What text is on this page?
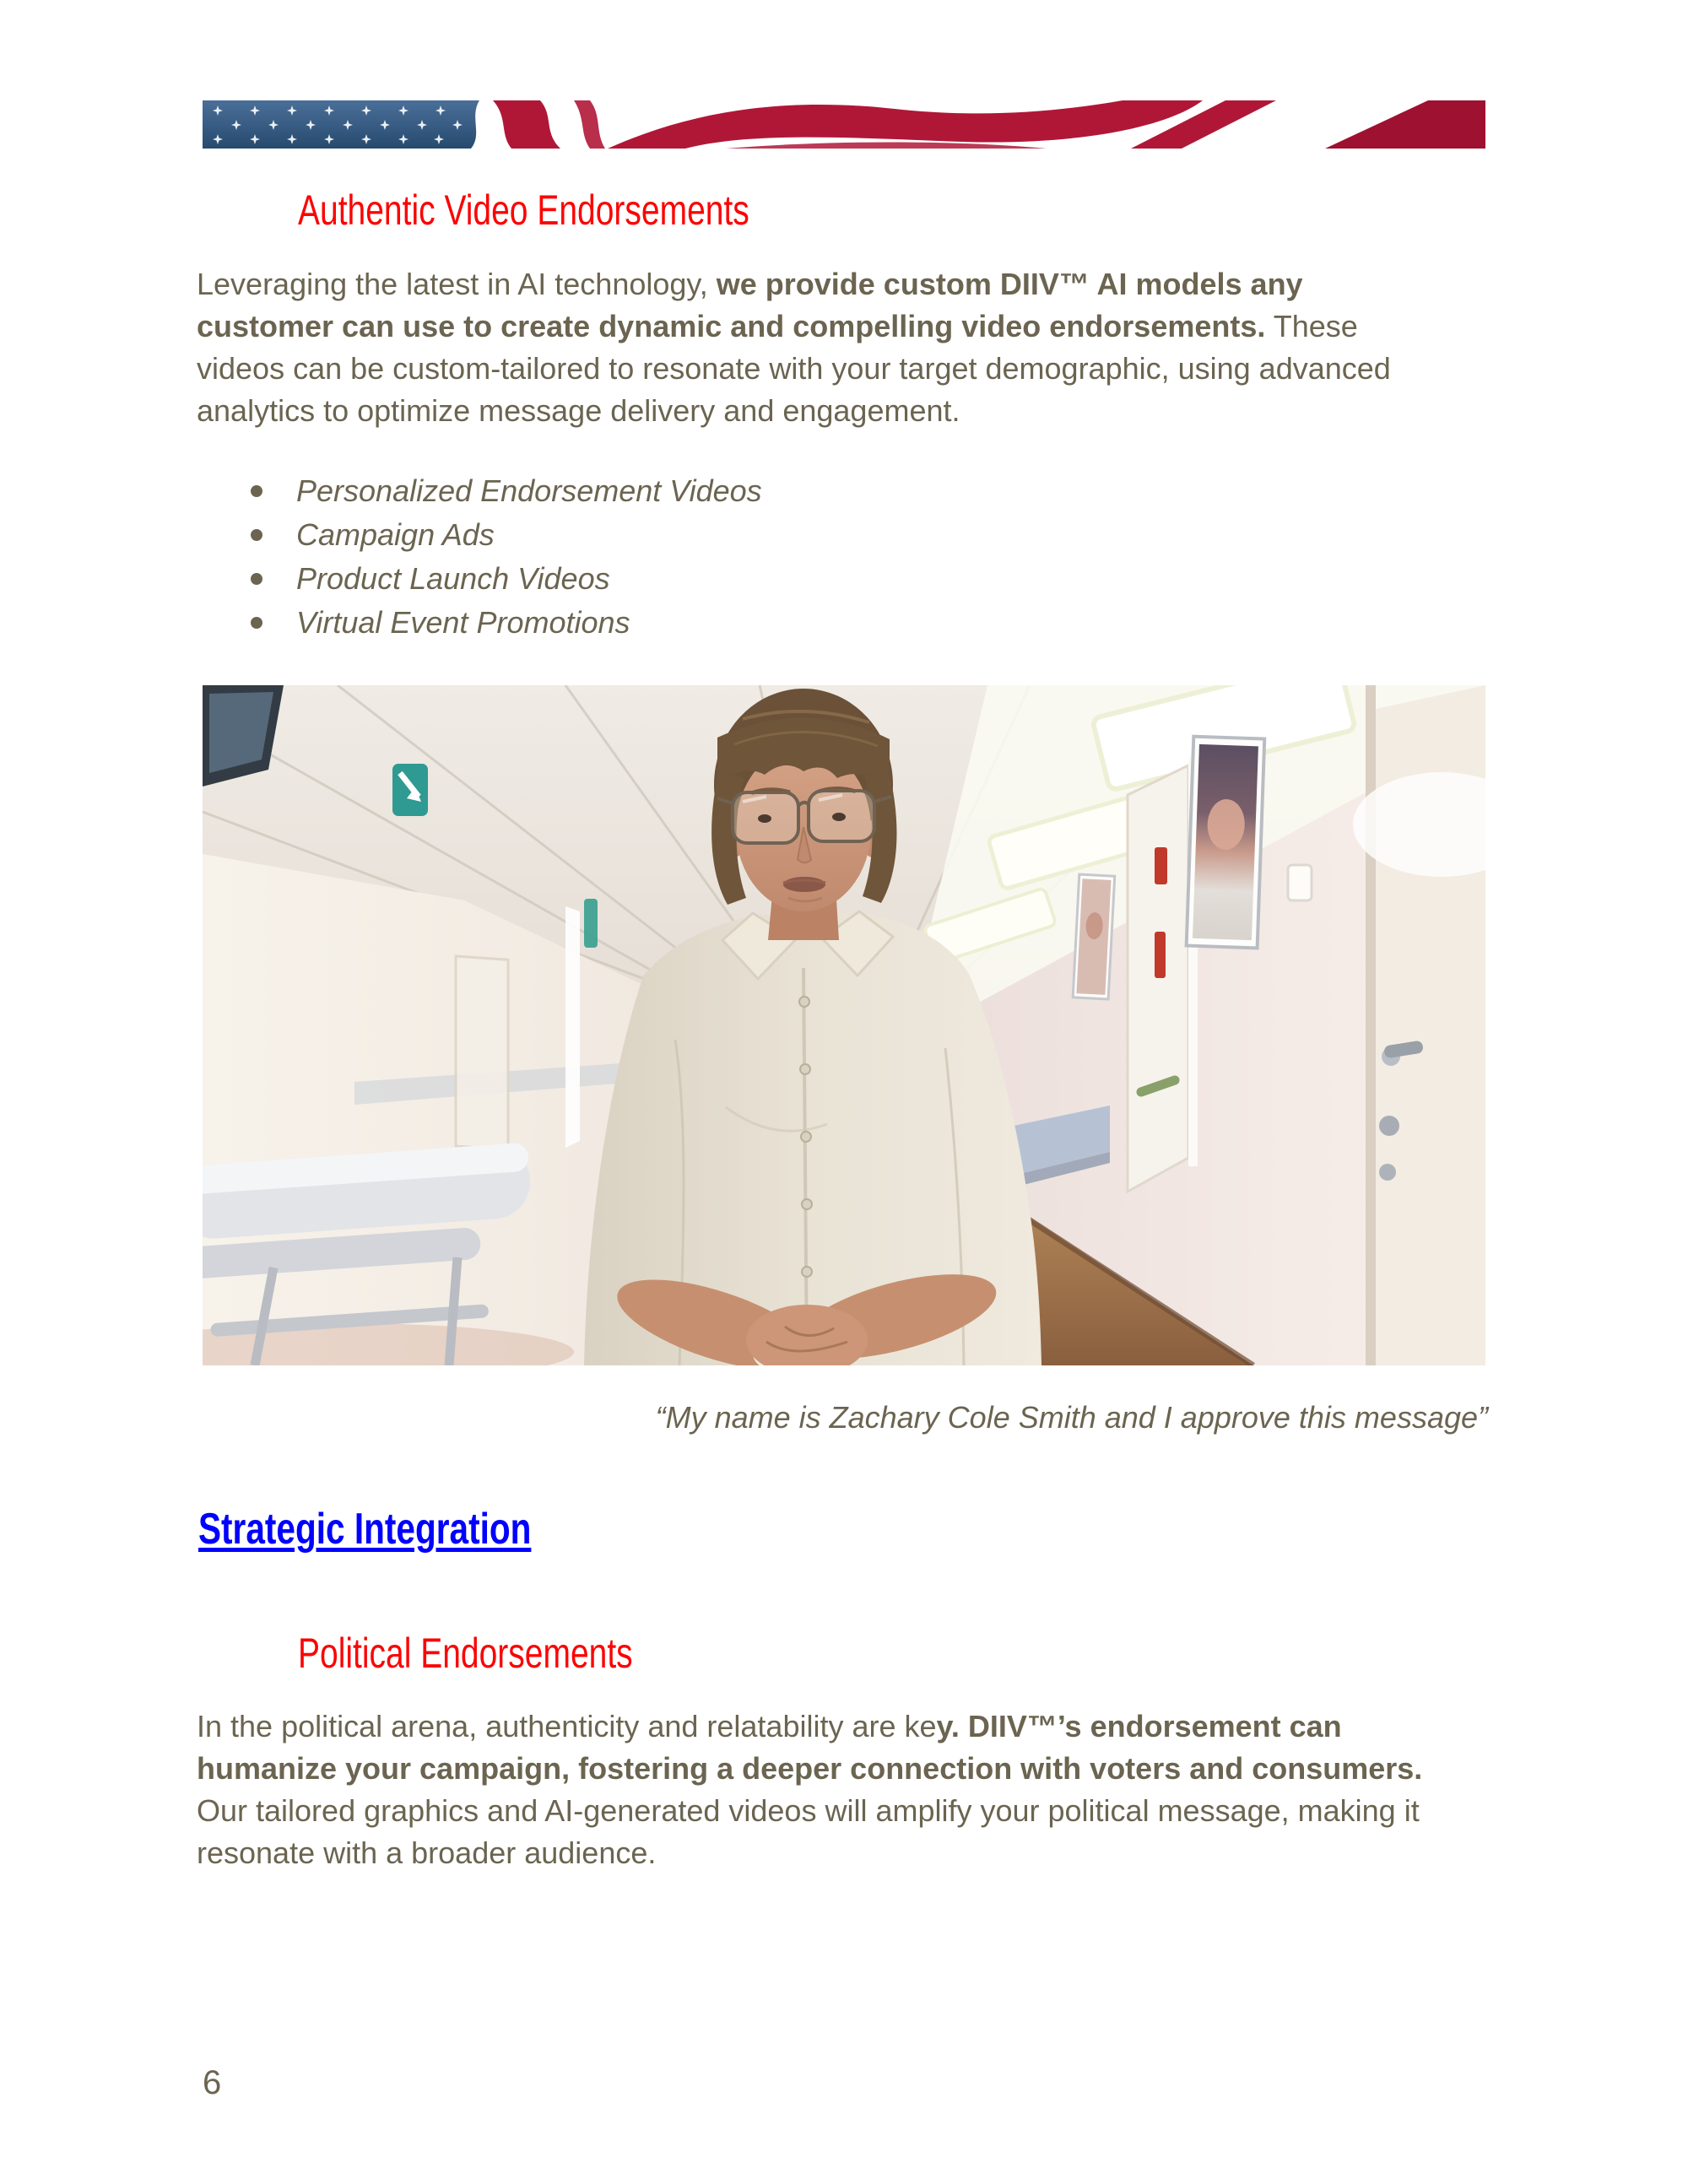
Authentic Video Endorsements
Leveraging the latest in AI technology, we provide custom DIIV™ AI models any customer can use to create dynamic and compelling video endorsements. These videos can be custom-tailored to resonate with your target demographic, using advanced analytics to optimize message delivery and engagement.
Personalized Endorsement Videos
Campaign Ads
Product Launch Videos
Virtual Event Promotions
“My name is Zachary Cole Smith and I approve this message”
Strategic Integration
Political Endorsements
In the political arena, authenticity and relatability are key. DIIV™’s endorsement can humanize your campaign, fostering a deeper connection with voters and consumers. Our tailored graphics and AI-generated videos will amplify your political message, making it resonate with a broader audience.
6
